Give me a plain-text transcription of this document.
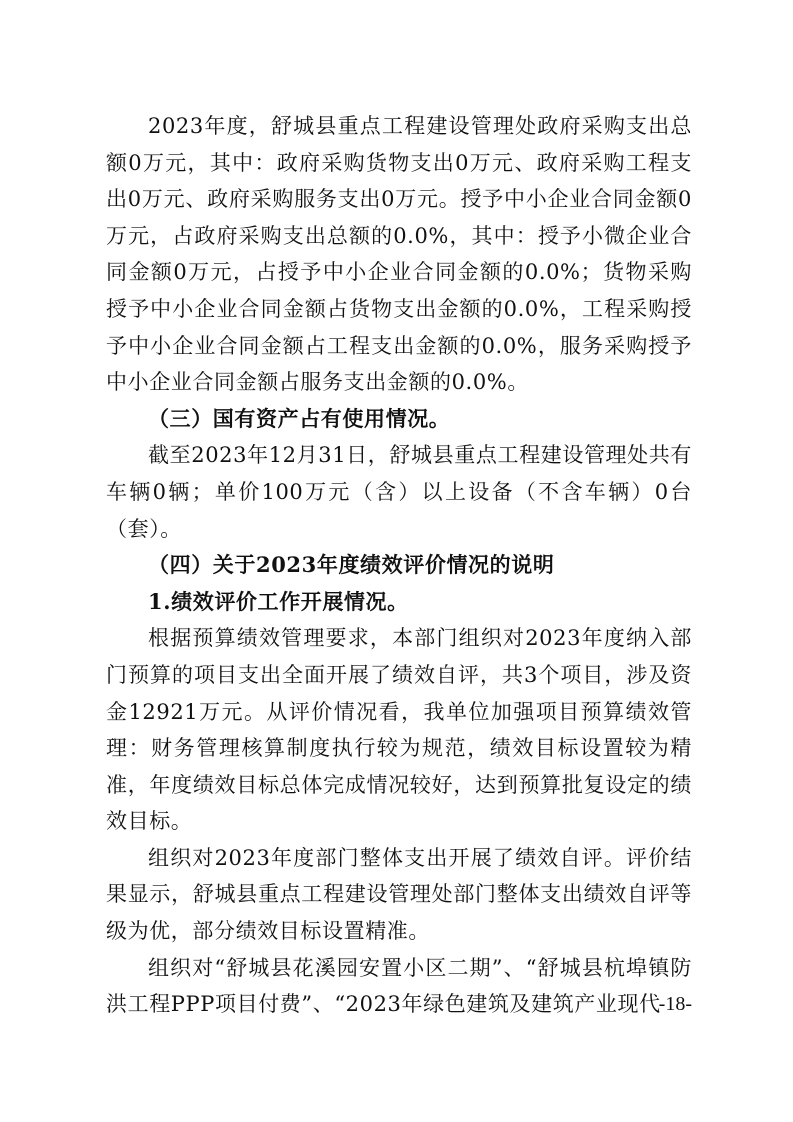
2023年度，舒城县重点工程建设管理处政府采购支出总额0万元，其中：政府采购货物支出0万元、政府采购工程支出0万元、政府采购服务支出0万元。授予中小企业合同金额0万元，占政府采购支出总额的0.0%，其中：授予小微企业合同金额0万元，占授予中小企业合同金额的0.0%；货物采购授予中小企业合同金额占货物支出金额的0.0%，工程采购授予中小企业合同金额占工程支出金额的0.0%，服务采购授予中小企业合同金额占服务支出金额的0.0%。

（三）国有资产占有使用情况。

截至2023年12月31日，舒城县重点工程建设管理处共有车辆0辆；单价100万元（含）以上设备（不含车辆）0台（套）。

（四）关于2023年度绩效评价情况的说明

1.绩效评价工作开展情况。

根据预算绩效管理要求，本部门组织对2023年度纳入部门预算的项目支出全面开展了绩效自评，共3个项目，涉及资金12921万元。从评价情况看，我单位加强项目预算绩效管理：财务管理核算制度执行较为规范，绩效目标设置较为精准，年度绩效目标总体完成情况较好，达到预算批复设定的绩效目标。

组织对2023年度部门整体支出开展了绩效自评。评价结果显示，舒城县重点工程建设管理处部门整体支出绩效自评等级为优，部分绩效目标设置精准。

组织对“舒城县花溪园安置小区二期”、“舒城县杭埠镇防洪工程PPP项目付费”、“2023年绿色建筑及建筑产业现代

-18-
